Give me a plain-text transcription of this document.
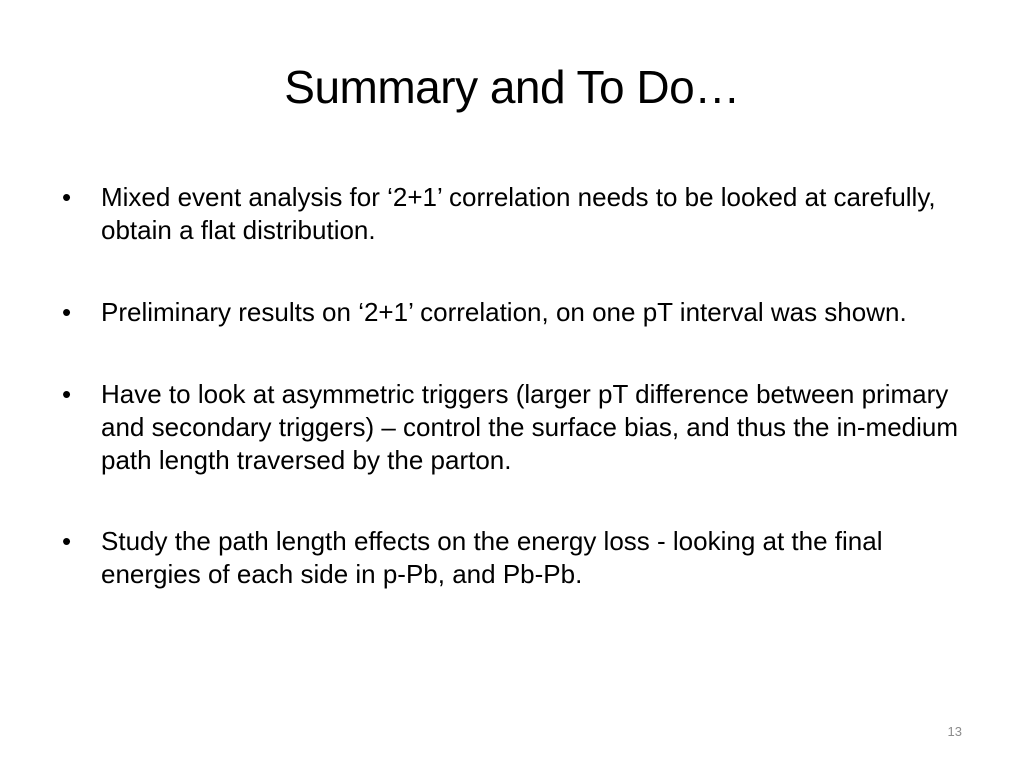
Summary and To Do…
•	Mixed event analysis for ‘2+1’ correlation needs to be looked at carefully, obtain a flat distribution.
•	Preliminary results on ‘2+1’ correlation, on one pT interval was shown.
•	Have to look at asymmetric triggers (larger pT difference between primary and secondary triggers) – control the surface bias, and thus the in-medium path length traversed by the parton.
•	Study the path length effects on the energy loss - looking at the final energies of each side in p-Pb, and Pb-Pb.
13
